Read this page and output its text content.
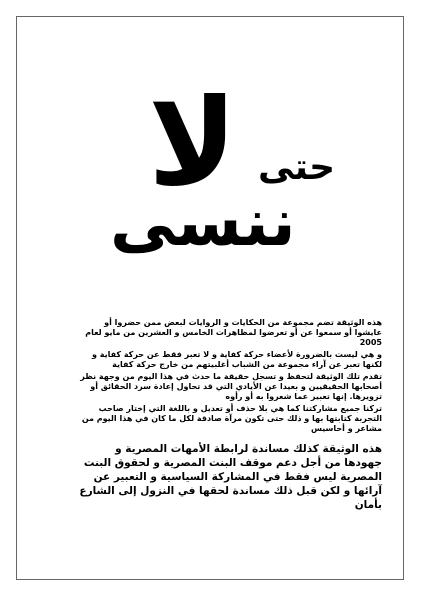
لا حتى
ننسى

هذه الوثيقة تضم مجموعة من الحكايات و الروايات لبعض ممن حضروا أو عايشوا أو سمعوا عن أو تعرضوا لمظاهرات الخامس و العشرين من مايو لعام 2005

و هي ليست بالضرورة لأعضاء حركة كفاية و لا تعبر فقط عن حركة كفاية و لكنها تعبر عن آراء مجموعة من الشباب أغلبيتهم من خارج حركة كفاية

تقدم تلك الوثيقة لتحفظ و تسجل حقيقة ما حدث في هذا اليوم من وجهة نظر أصحابها الحقيقيين و بعيدا عن الأيادي التي قد تحاول إعادة سرد الحقائق أو تزويرها. إنها تعبير عما شعروا به أو رأوه

تركنا جميع مشاركتنا كما هي بلا حذف أو تعديل و باللغة التي إختار صاحب التجربة كتابتها بها و ذلك حتى تكون مرآة صادقة لكل ما كان في هذا اليوم من مشاعر و أحاسيس

هذه الوثيقة كذلك مساندة لرابطة الأمهات المصرية و جهودها من أجل دعم موقف البنت المصرية و لحقوق البنت المصرية ليس فقط في المشاركة السياسية و التعبير عن آرائها و لكن قبل ذلك مساندة لحقها في النزول إلى الشارع بأمان
